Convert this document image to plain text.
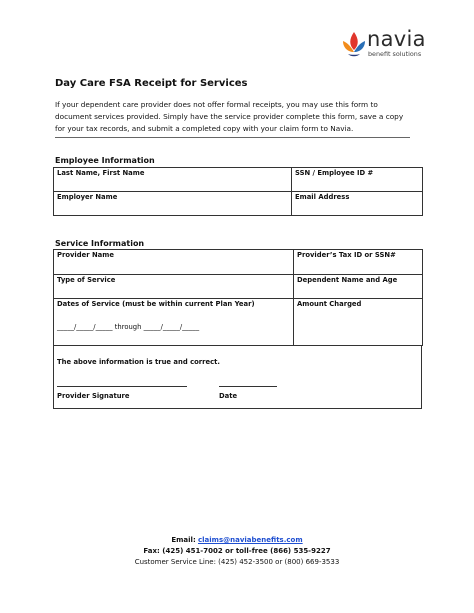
navia
benefit solutions
Day Care FSA Receipt for Services
If your dependent care provider does not offer formal receipts, you may use this form to document services provided. Simply have the service provider complete this form, save a copy for your tax records, and submit a completed copy with your claim form to Navia.
Employee Information
Last Name, First Name	SSN / Employee ID #

Employer Name	Email Address
Service Information
Provider Name	Provider’s Tax ID or SSN#

Type of Service	Dependent Name and Age

Dates of Service (must be within current Plan Year)
_____/_____/_____ through _____/_____/_____	Amount Charged
The above information is true and correct.
Provider Signature	Date
Email: claims@naviabenefits.com
Fax: (425) 451-7002 or toll-free (866) 535-9227
Customer Service Line: (425) 452-3500 or (800) 669-3533
